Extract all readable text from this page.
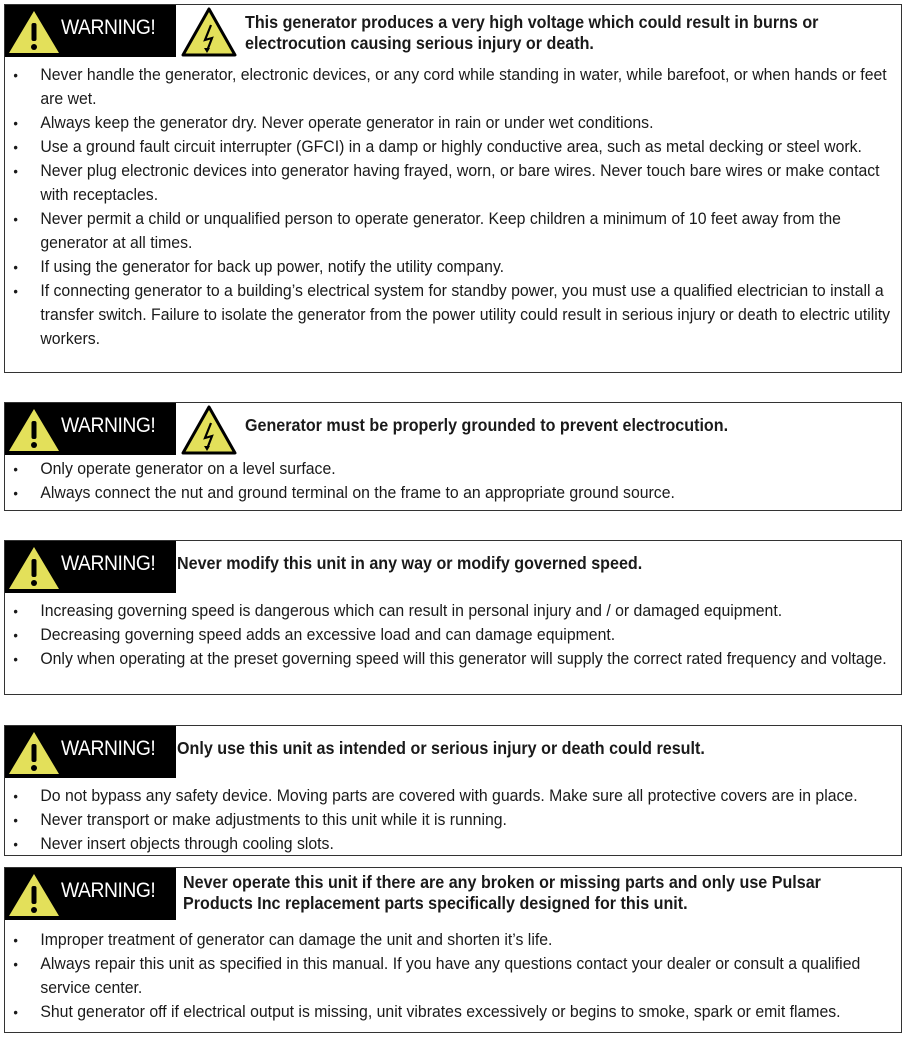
WARNING!	This generator produces a very high voltage which could result in burns or
electrocution causing serious injury or death.
• Never handle the generator, electronic devices, or any cord while standing in water, while barefoot, or when hands or feet are wet.
• Always keep the generator dry. Never operate generator in rain or under wet conditions.
• Use a ground fault circuit interrupter (GFCI) in a damp or highly conductive area, such as metal decking or steel work.
• Never plug electronic devices into generator having frayed, worn, or bare wires. Never touch bare wires or make contact with receptacles.
• Never permit a child or unqualified person to operate generator. Keep children a minimum of 10 feet away from the generator at all times.
• If using the generator for back up power, notify the utility company.
• If connecting generator to a building’s electrical system for standby power, you must use a qualified electrician to install a transfer switch. Failure to isolate the generator from the power utility could result in serious injury or death to electric utility workers.
WARNING!	Generator must be properly grounded to prevent electrocution.
• Only operate generator on a level surface.
• Always connect the nut and ground terminal on the frame to an appropriate ground source.
WARNING! Never modify this unit in any way or modify governed speed.
• Increasing governing speed is dangerous which can result in personal injury and / or damaged equipment.
• Decreasing governing speed adds an excessive load and can damage equipment.
• Only when operating at the preset governing speed will this generator will supply the correct rated frequency and voltage.
WARNING! Only use this unit as intended or serious injury or death could result.
• Do not bypass any safety device. Moving parts are covered with guards. Make sure all protective covers are in place.
• Never transport or make adjustments to this unit while it is running.
• Never insert objects through cooling slots.
WARNING! Never operate this unit if there are any broken or missing parts and only use Pulsar
Products Inc replacement parts specifically designed for this unit.
• Improper treatment of generator can damage the unit and shorten it’s life.
• Always repair this unit as specified in this manual. If you have any questions contact your dealer or consult a qualified service center.
• Shut generator off if electrical output is missing, unit vibrates excessively or begins to smoke, spark or emit flames.
